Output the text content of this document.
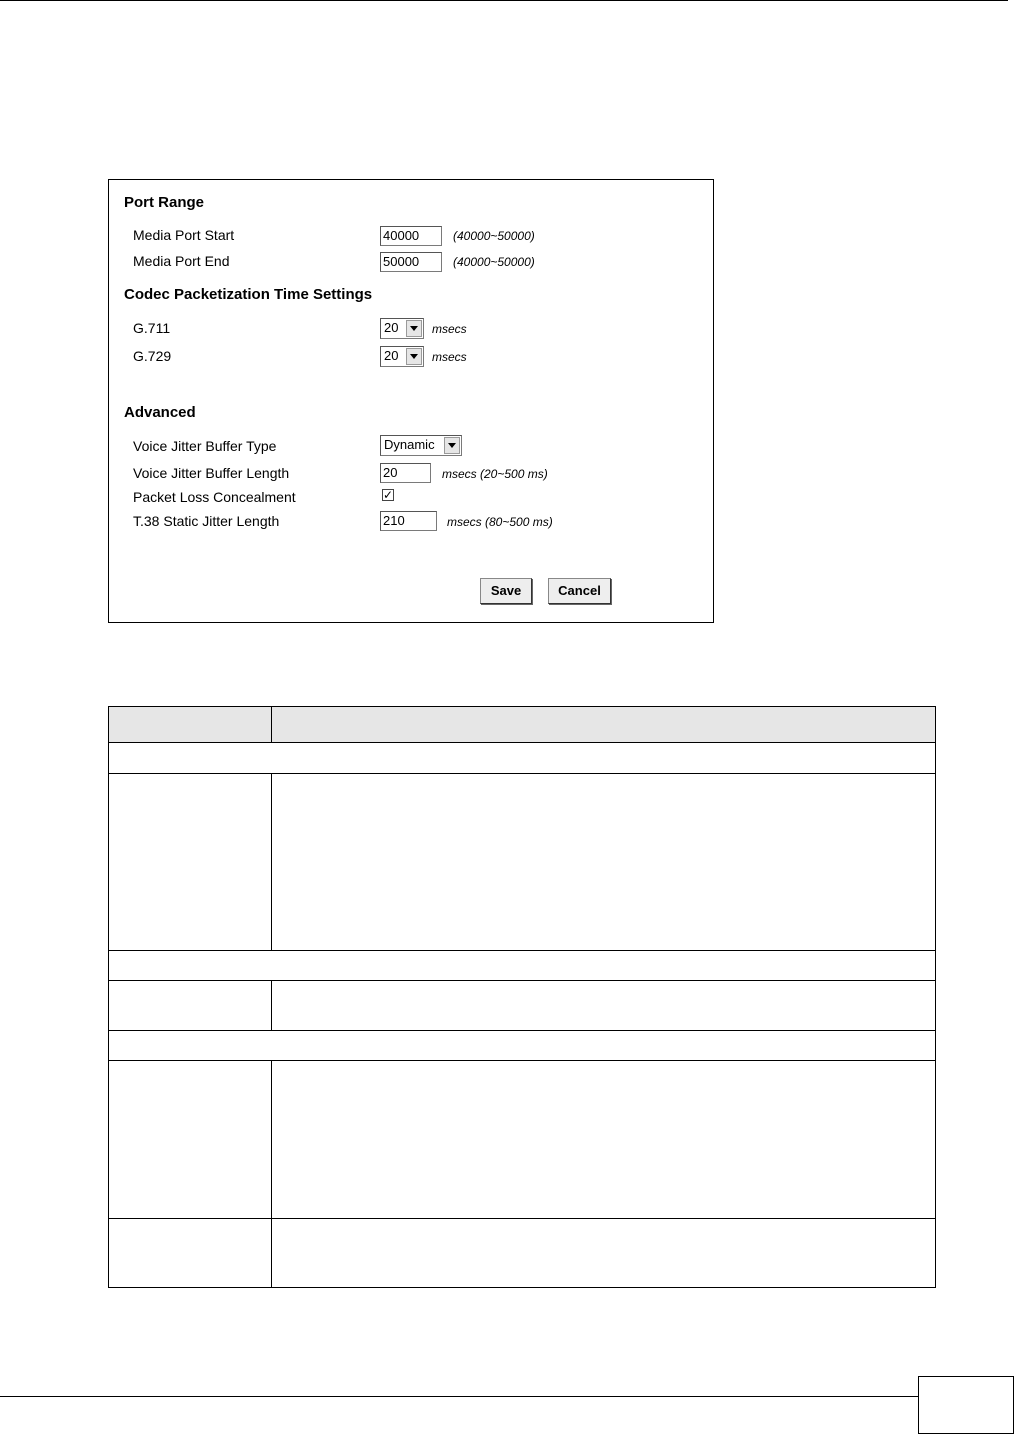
Port Range
Media Port Start	40000	(40000~50000)
Media Port End	50000	(40000~50000)
Codec Packetization Time Settings
G.711	20	msecs
G.729	20	msecs
Advanced
Voice Jitter Buffer Type	Dynamic
Voice Jitter Buffer Length	20	msecs (20~500 ms)
Packet Loss Concealment	✓
T.38 Static Jitter Length	210	msecs (80~500 ms)
Save	Cancel
